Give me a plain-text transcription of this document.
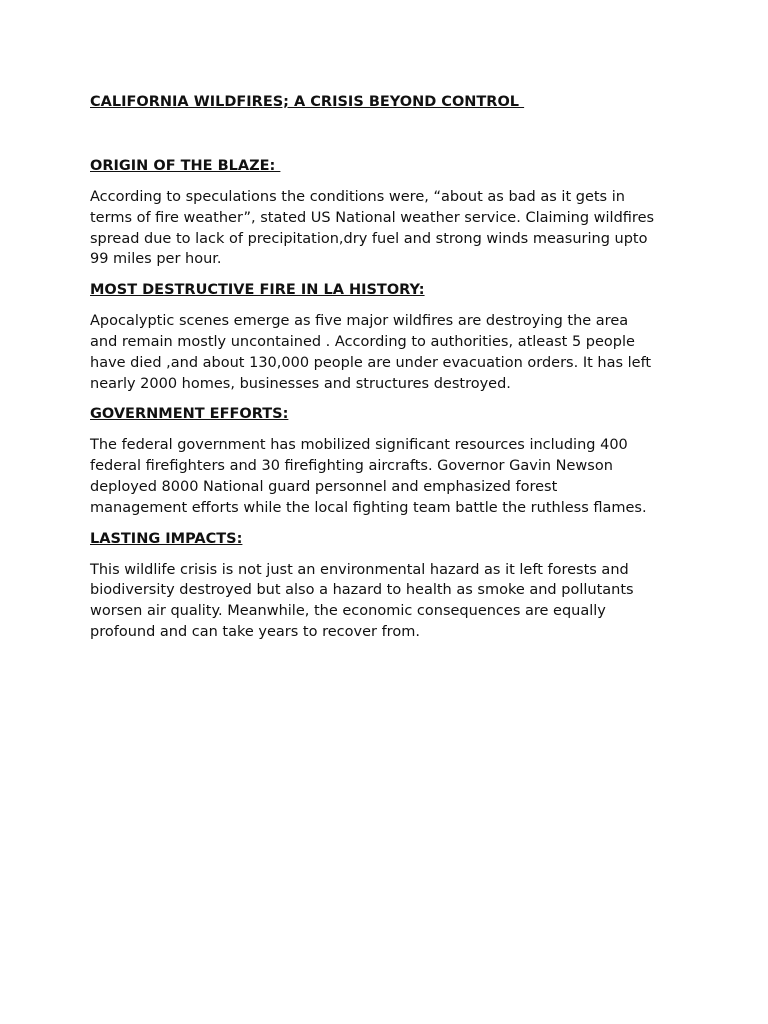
CALIFORNIA WILDFIRES; A CRISIS BEYOND CONTROL
ORIGIN OF THE BLAZE:

According to speculations the conditions were, “about as bad as it gets in
terms of fire weather”, stated US National weather service. Claiming wildfires
spread due to lack of precipitation,dry fuel and strong winds measuring upto
99 miles per hour.

MOST DESTRUCTIVE FIRE IN LA HISTORY:

Apocalyptic scenes emerge as five major wildfires are destroying the area
and remain mostly uncontained . According to authorities, atleast 5 people
have died ,and about 130,000 people are under evacuation orders. It has left
nearly 2000 homes, businesses and structures destroyed.

GOVERNMENT EFFORTS:

The federal government has mobilized significant resources including 400
federal firefighters and 30 firefighting aircrafts. Governor Gavin Newson
deployed 8000 National guard personnel and emphasized forest
management efforts while the local fighting team battle the ruthless flames.

LASTING IMPACTS:

This wildlife crisis is not just an environmental hazard as it left forests and
biodiversity destroyed but also a hazard to health as smoke and pollutants
worsen air quality. Meanwhile, the economic consequences are equally
profound and can take years to recover from.
